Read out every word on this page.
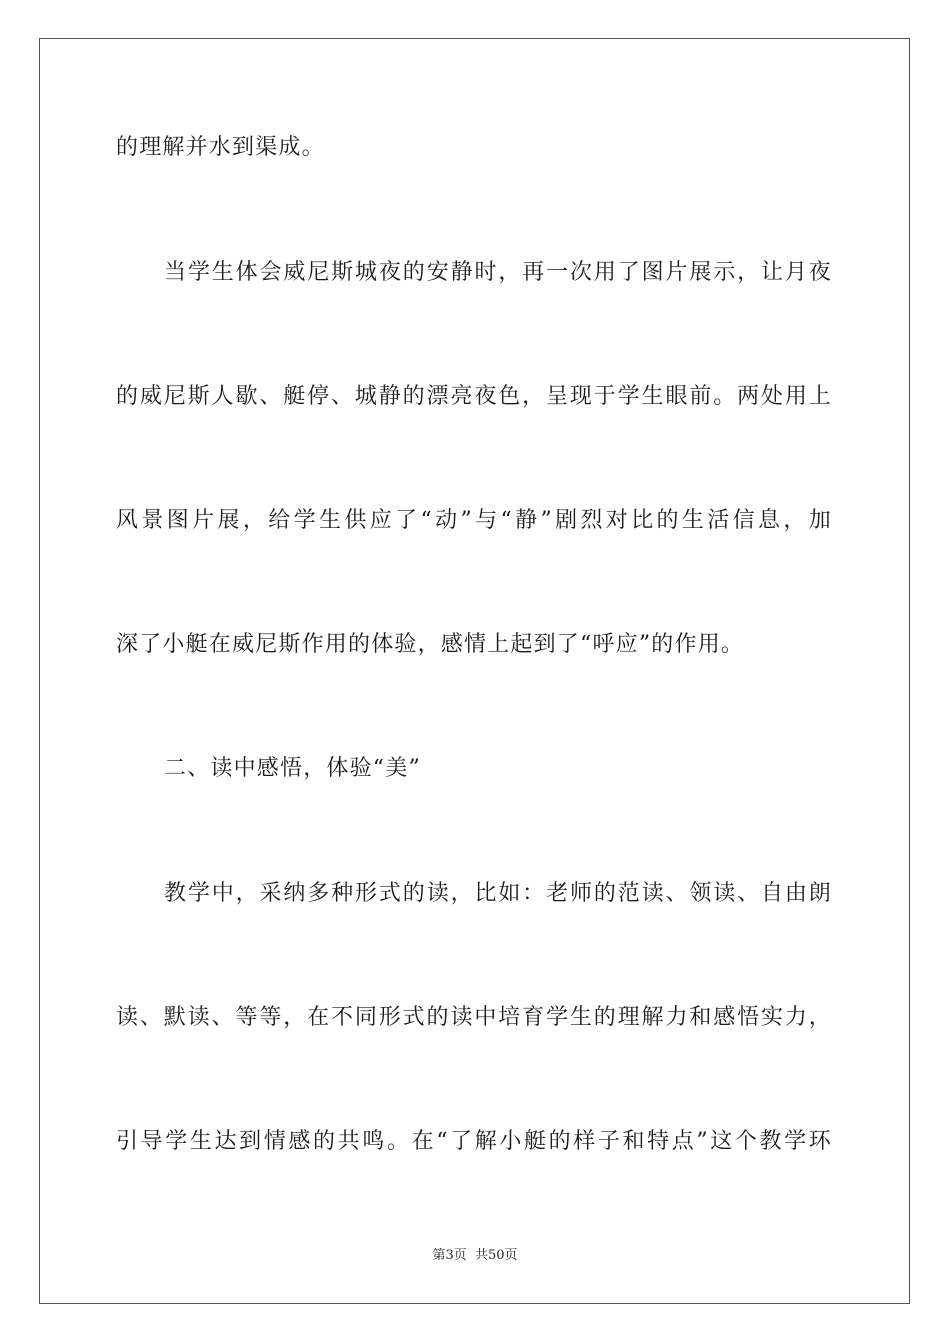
的理解并水到渠成。
当学生体会威尼斯城夜的安静时，再一次用了图片展示，让月夜
的威尼斯人歇、艇停、城静的漂亮夜色，呈现于学生眼前。两处用上
风景图片展，给学生供应了“动”与“静”剧烈对比的生活信息，加
深了小艇在威尼斯作用的体验，感情上起到了“呼应”的作用。
二、读中感悟，体验“美”
教学中，采纳多种形式的读，比如：老师的范读、领读、自由朗
读、默读、等等，在不同形式的读中培育学生的理解力和感悟实力，
引导学生达到情感的共鸣。在“了解小艇的样子和特点”这个教学环
第3页 共50页
